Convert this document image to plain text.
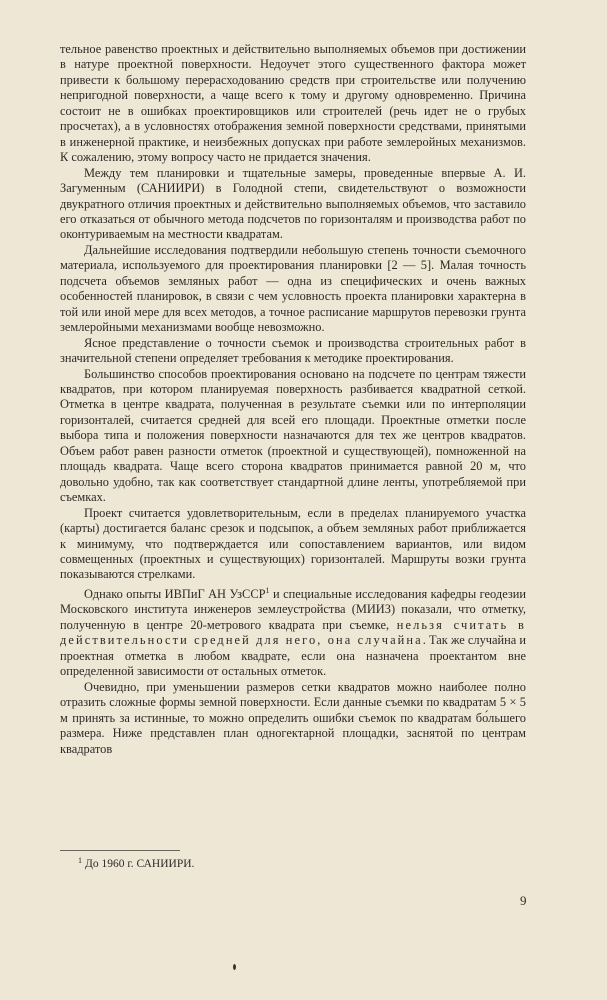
тельное равенство проектных и действительно выполняемых объемов при достижении в натуре проектной поверхности. Недоучет этого существенного фактора может привести к большому перерасходованию средств при строительстве или получению непригодной поверхности, а чаще всего к тому и другому одновременно. Причина состоит не в ошибках проектировщиков или строителей (речь идет не о грубых просчетах), а в условностях отображения земной поверхности средствами, принятыми в инженерной практике, и неизбежных допусках при работе землеройных механизмов. К сожалению, этому вопросу часто не придается значения.

Между тем планировки и тщательные замеры, проведенные впервые А. И. Загуменным (САНИИРИ) в Голодной степи, свидетельствуют о возможности двукратного отличия проектных и действительно выполняемых объемов, что заставило его отказаться от обычного метода подсчетов по горизонталям и производства работ по оконтуриваемым на местности квадратам.

Дальнейшие исследования подтвердили небольшую степень точности съемочного материала, используемого для проектирования планировки [2 — 5]. Малая точность подсчета объемов земляных работ — одна из специфических и очень важных особенностей планировок, в связи с чем условность проекта планировки характерна в той или иной мере для всех методов, а точное расписание маршрутов перевозки грунта землеройными механизмами вообще невозможно.

Ясное представление о точности съемок и производства строительных работ в значительной степени определяет требования к методике проектирования.

Большинство способов проектирования основано на подсчете по центрам тяжести квадратов, при котором планируемая поверхность разбивается квадратной сеткой. Отметка в центре квадрата, полученная в результате съемки или по интерполяции горизонталей, считается средней для всей его площади. Проектные отметки после выбора типа и положения поверхности назначаются для тех же центров квадратов. Объем работ равен разности отметок (проектной и существующей), помноженной на площадь квадрата. Чаще всего сторона квадратов принимается равной 20 м, что довольно удобно, так как соответствует стандартной длине ленты, употребляемой при съемках.

Проект считается удовлетворительным, если в пределах планируемого участка (карты) достигается баланс срезок и подсыпок, а объем земляных работ приближается к минимуму, что подтверждается или сопоставлением вариантов, или видом совмещенных (проектных и существующих) горизонталей. Маршруты возки грунта показываются стрелками.

Однако опыты ИВПиГ АН УзССР$^1$ и специальные исследования кафедры геодезии Московского института инженеров землеустройства (МИИЗ) показали, что отметку, полученную в центре 20-метрового квадрата при съемке, нельзя считать в действительности средней для него, она случайна. Так же случайна и проектная отметка в любом квадрате, если она назначена проектантом вне определенной зависимости от остальных отметок.

Очевидно, при уменьшении размеров сетки квадратов можно наиболее полно отразить сложные формы земной поверхности. Если данные съемки по квадратам 5 × 5 м принять за истинные, то можно определить ошибки съемок по квадратам бо́льшего размера. Ниже представлен план одногектарной площадки, заснятой по центрам квадратов

$^1$ До 1960 г. САНИИРИ.
9
